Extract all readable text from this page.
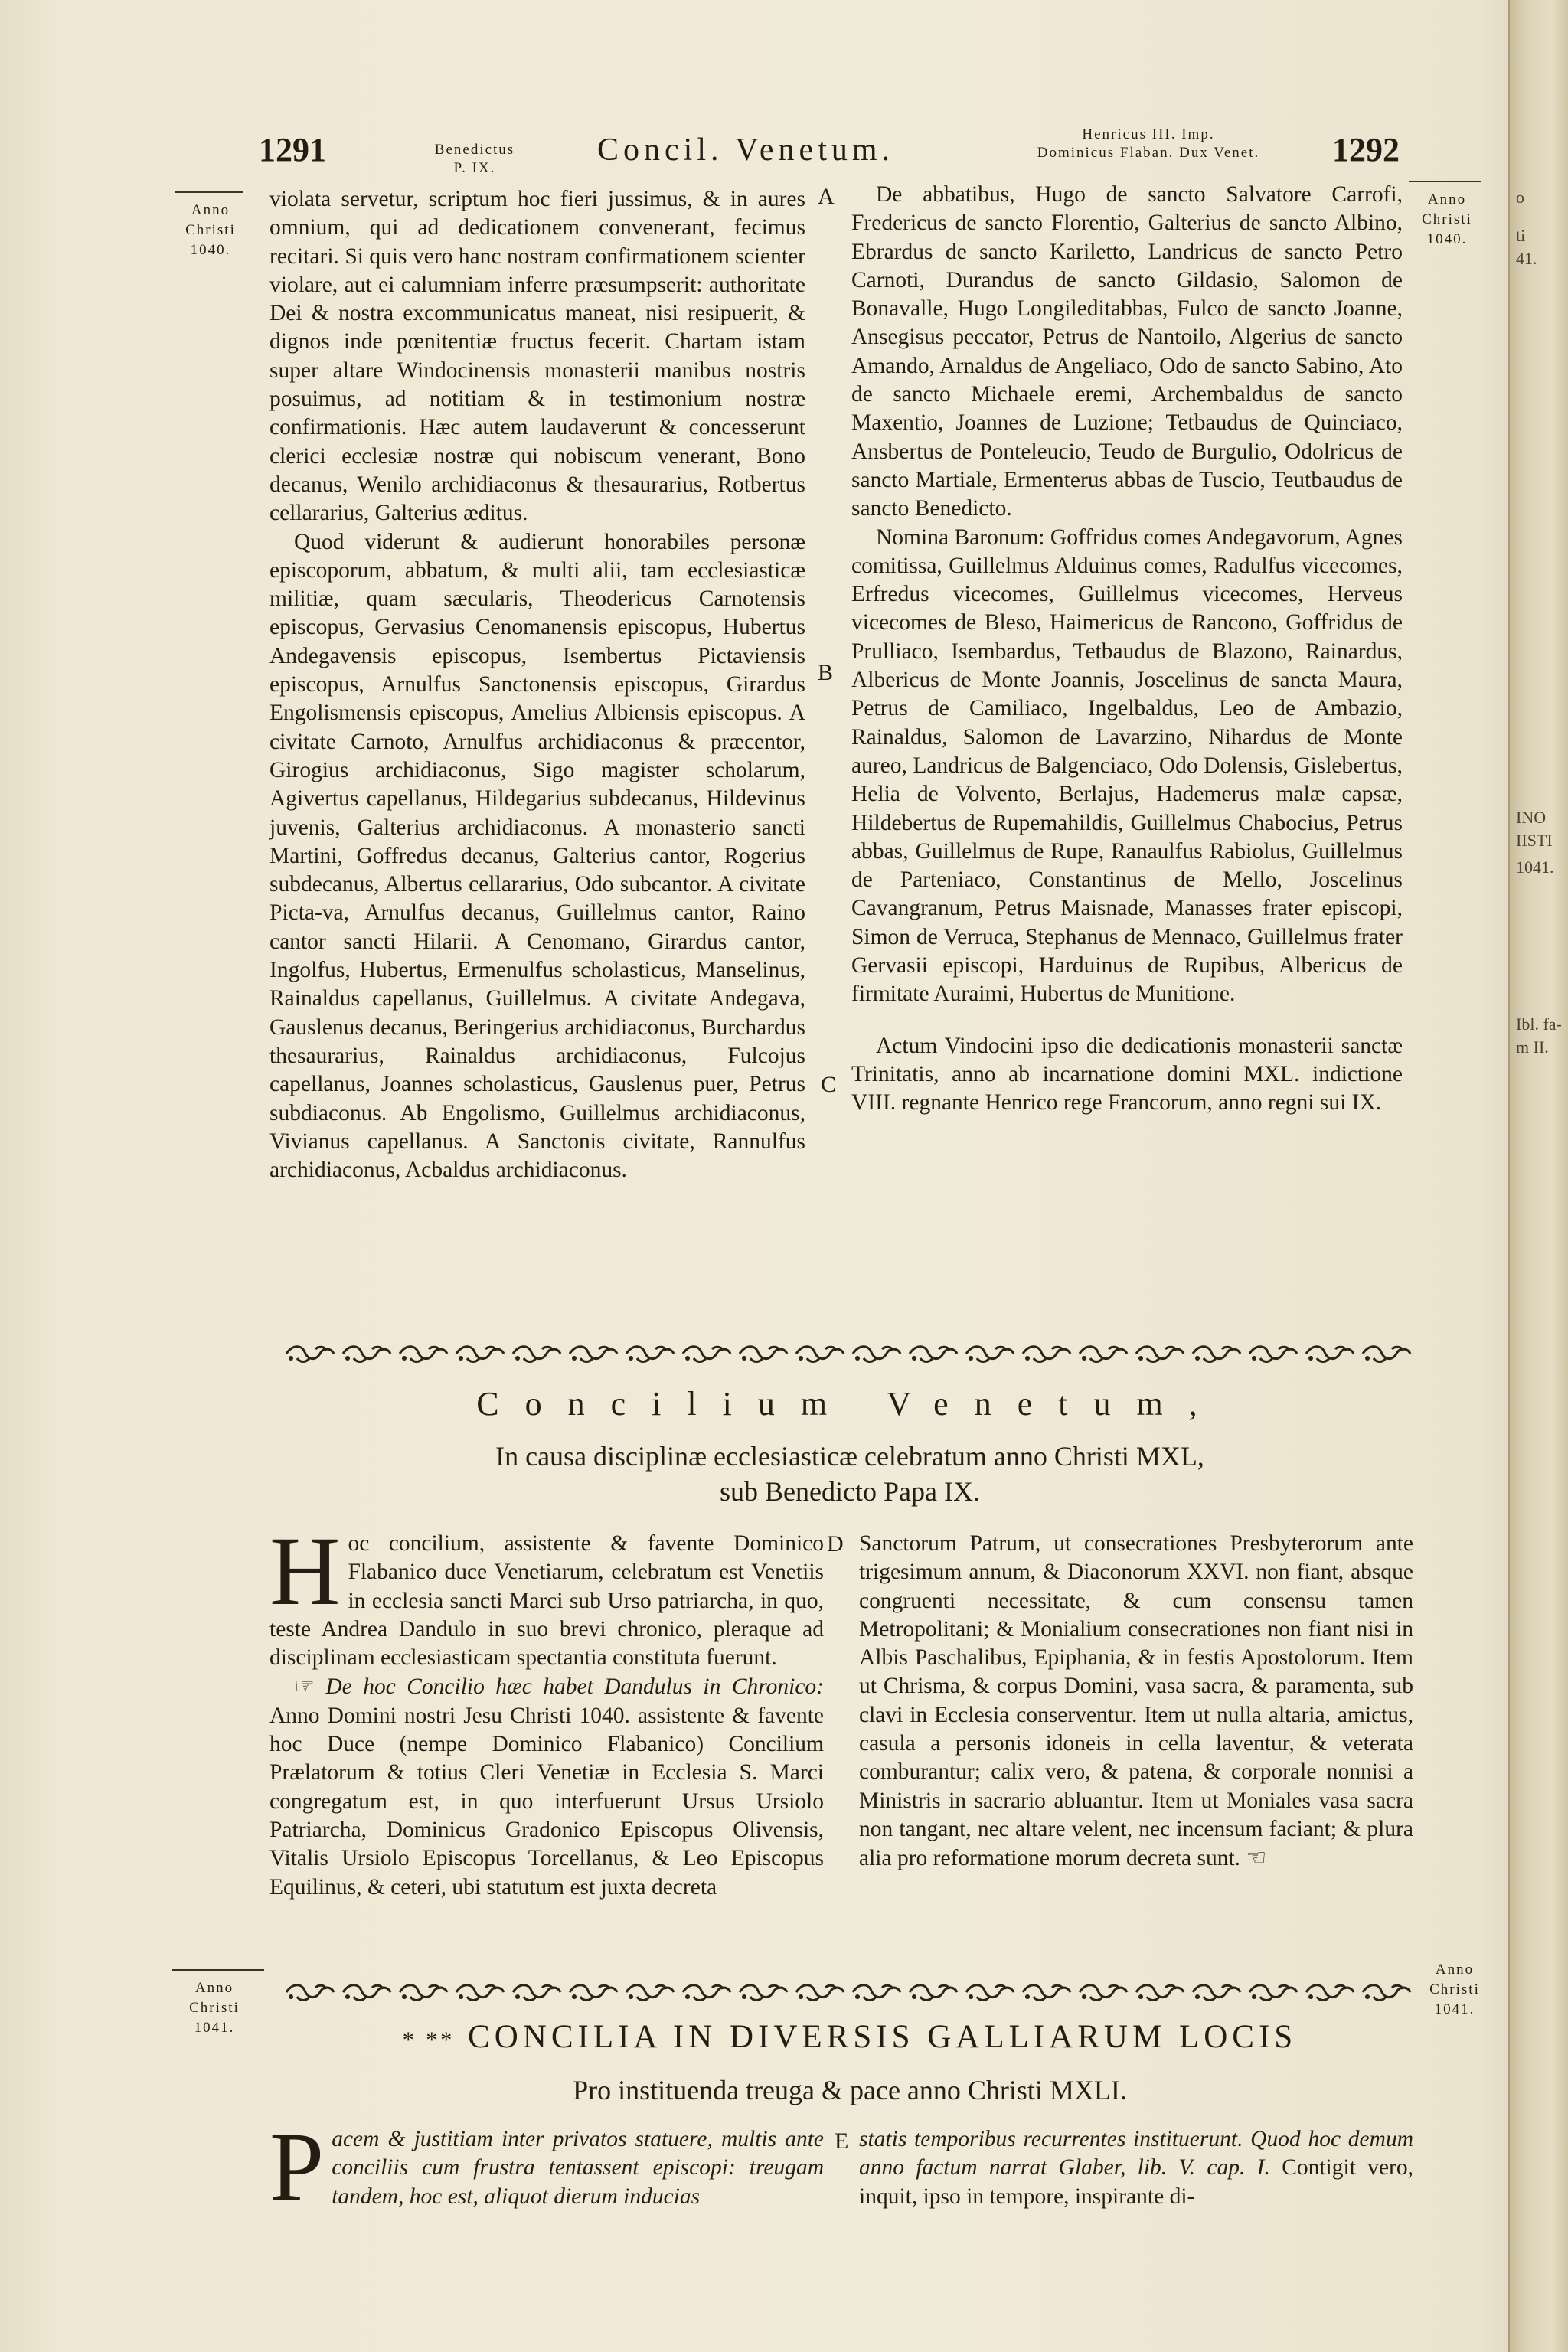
o
ti
41.
INO
IISTI
1041.
Ibl. fa-
m II.
1291	Benedictus
P. IX.
Concil. Venetum.	Henricus III. Imp.
Dominicus Flaban. Dux Venet.	1292
Anno
Christi
1040.
Anno
Christi
1040.
Anno
Christi
1041.
Anno
Christi
1041.
A
B
C
D
E

violata servetur, scriptum hoc fieri jussimus, & in aures omnium, qui ad dedicationem convenerant, fecimus recitari. Si quis vero hanc nostram confirmationem scienter violare, aut ei calumniam inferre præsumpserit: authoritate Dei & nostra excommunicatus maneat, nisi resipuerit, & dignos inde pœnitentiæ fructus fecerit. Chartam istam super altare Windocinensis monasterii manibus nostris posuimus, ad notitiam & in testimonium nostræ confirmationis. Hæc autem laudaverunt & concesserunt clerici ecclesiæ nostræ qui nobiscum venerant, Bono decanus, Wenilo archidiaconus & thesaurarius, Rotbertus cellararius, Galterius æditus.

Quod viderunt & audierunt honorabiles personæ episcoporum, abbatum, & multi alii, tam ecclesiasticæ militiæ, quam sæcularis, Theodericus Carnotensis episcopus, Gervasius Cenomanensis episcopus, Hubertus Andegavensis episcopus, Isembertus Pictaviensis episcopus, Arnulfus Sanctonensis episcopus, Girardus Engolismensis episcopus, Amelius Albiensis episcopus. A civitate Carnoto, Arnulfus archidiaconus & præcentor, Girogius archidiaconus, Sigo magister scholarum, Agivertus capellanus, Hildegarius subdecanus, Hildevinus juvenis, Galterius archidiaconus. A monasterio sancti Martini, Goffredus decanus, Galterius cantor, Rogerius subdecanus, Albertus cellararius, Odo subcantor. A civitate Picta-va, Arnulfus decanus, Guillelmus cantor, Raino cantor sancti Hilarii. A Cenomano, Girardus cantor, Ingolfus, Hubertus, Ermenulfus scholasticus, Manselinus, Rainaldus capellanus, Guillelmus. A civitate Andegava, Gauslenus decanus, Beringerius archidiaconus, Burchardus thesaurarius, Rainaldus archidiaconus, Fulcojus capellanus, Joannes scholasticus, Gauslenus puer, Petrus subdiaconus. Ab Engolismo, Guillelmus archidiaconus, Vivianus capellanus. A Sanctonis civitate, Rannulfus archidiaconus, Acbaldus archidiaconus.

De abbatibus, Hugo de sancto Salvatore Carrofi, Fredericus de sancto Florentio, Galterius de sancto Albino, Ebrardus de sancto Kariletto, Landricus de sancto Petro Carnoti, Durandus de sancto Gildasio, Salomon de Bonavalle, Hugo Longileditabbas, Fulco de sancto Joanne, Ansegisus peccator, Petrus de Nantoilo, Algerius de sancto Amando, Arnaldus de Angeliaco, Odo de sancto Sabino, Ato de sancto Michaele eremi, Archembaldus de sancto Maxentio, Joannes de Luzione; Tetbaudus de Quinciaco, Ansbertus de Ponteleucio, Teudo de Burgulio, Odolricus de sancto Martiale, Ermenterus abbas de Tuscio, Teutbaudus de sancto Benedicto.

Nomina Baronum: Goffridus comes Andegavorum, Agnes comitissa, Guillelmus Alduinus comes, Radulfus vicecomes, Erfredus vicecomes, Guillelmus vicecomes, Herveus vicecomes de Bleso, Haimericus de Rancono, Goffridus de Prulliaco, Isembardus, Tetbaudus de Blazono, Rainardus, Albericus de Monte Joannis, Joscelinus de sancta Maura, Petrus de Camiliaco, Ingelbaldus, Leo de Ambazio, Rainaldus, Salomon de Lavarzino, Nihardus de Monte aureo, Landricus de Balgenciaco, Odo Dolensis, Gislebertus, Helia de Volvento, Berlajus, Hademerus malæ capsæ, Hildebertus de Rupemahildis, Guillelmus Chabocius, Petrus abbas, Guillelmus de Rupe, Ranaulfus Rabiolus, Guillelmus de Parteniaco, Constantinus de Mello, Joscelinus Cavangranum, Petrus Maisnade, Manasses frater episcopi, Simon de Verruca, Stephanus de Mennaco, Guillelmus frater Gervasii episcopi, Harduinus de Rupibus, Albericus de firmitate Auraimi, Hubertus de Munitione.

Actum Vindocini ipso die dedicationis monasterii sanctæ Trinitatis, anno ab incarnatione domini MXL. indictione VIII. regnante Henrico rege Francorum, anno regni sui IX.

Concilium Venetum,
In causa disciplinæ ecclesiasticæ celebratum anno Christi MXL,
sub Benedicto Papa IX.

Hoc concilium, assistente & favente Dominico Flabanico duce Venetiarum, celebratum est Venetiis in ecclesia sancti Marci sub Urso patriarcha, in quo, teste Andrea Dandulo in suo brevi chronico, pleraque ad disciplinam ecclesiasticam spectantia constituta fuerunt.

☞ De hoc Concilio hæc habet Dandulus in Chronico: Anno Domini nostri Jesu Christi 1040. assistente & favente hoc Duce (nempe Dominico Flabanico) Concilium Prælatorum & totius Cleri Venetiæ in Ecclesia S. Marci congregatum est, in quo interfuerunt Ursus Ursiolo Patriarcha, Dominicus Gradonico Episcopus Olivensis, Vitalis Ursiolo Episcopus Torcellanus, & Leo Episcopus Equilinus, & ceteri, ubi statutum est juxta decreta

Sanctorum Patrum, ut consecrationes Presbyterorum ante trigesimum annum, & Diaconorum XXVI. non fiant, absque congruenti necessitate, & cum consensu tamen Metropolitani; & Monialium consecrationes non fiant nisi in Albis Paschalibus, Epiphania, & in festis Apostolorum. Item ut Chrisma, & corpus Domini, vasa sacra, & paramenta, sub clavi in Ecclesia conserventur. Item ut nulla altaria, amictus, casula a personis idoneis in cella laventur, & veterata comburantur; calix vero, & patena, & corporale nonnisi a Ministris in sacrario abluantur. Item ut Moniales vasa sacra non tangant, nec altare velent, nec incensum faciant; & plura alia pro reformatione morum decreta sunt. ☜

* ** CONCILIA IN DIVERSIS GALLIARUM LOCIS
Pro instituenda treuga & pace anno Christi MXLI.

Pacem & justitiam inter privatos statuere, multis ante conciliis cum frustra tentassent episcopi: treugam tandem, hoc est, aliquot dierum inducias

statis temporibus recurrentes instituerunt. Quod hoc demum anno factum narrat Glaber, lib. V. cap. I. Contigit vero, inquit, ipso in tempore, inspirante di-
